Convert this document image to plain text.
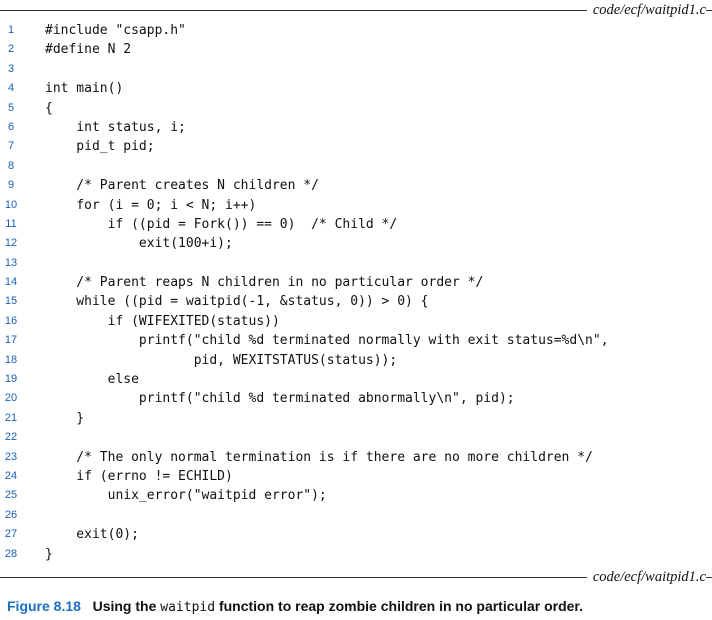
code/ecf/waitpid1.c
1	#include "csapp.h"
2	#define N 2
3
4	int main()
5	{
6	int status, i;
7	pid_t pid;
8
9	/* Parent creates N children */
10	for (i = 0; i < N; i++)
11	if ((pid = Fork()) == 0)  /* Child */
12	exit(100+i);
13
14	/* Parent reaps N children in no particular order */
15	while ((pid = waitpid(-1, &status, 0)) > 0) {
16	if (WIFEXITED(status))
17	printf("child %d terminated normally with exit status=%d\n",
18	pid, WEXITSTATUS(status));
19	else
20	printf("child %d terminated abnormally\n", pid);
21	}
22
23	/* The only normal termination is if there are no more children */
24	if (errno != ECHILD)
25	unix_error("waitpid error");
26
27	exit(0);
28	}
code/ecf/waitpid1.c
Figure 8.18 Using the waitpid function to reap zombie children in no particular order.
